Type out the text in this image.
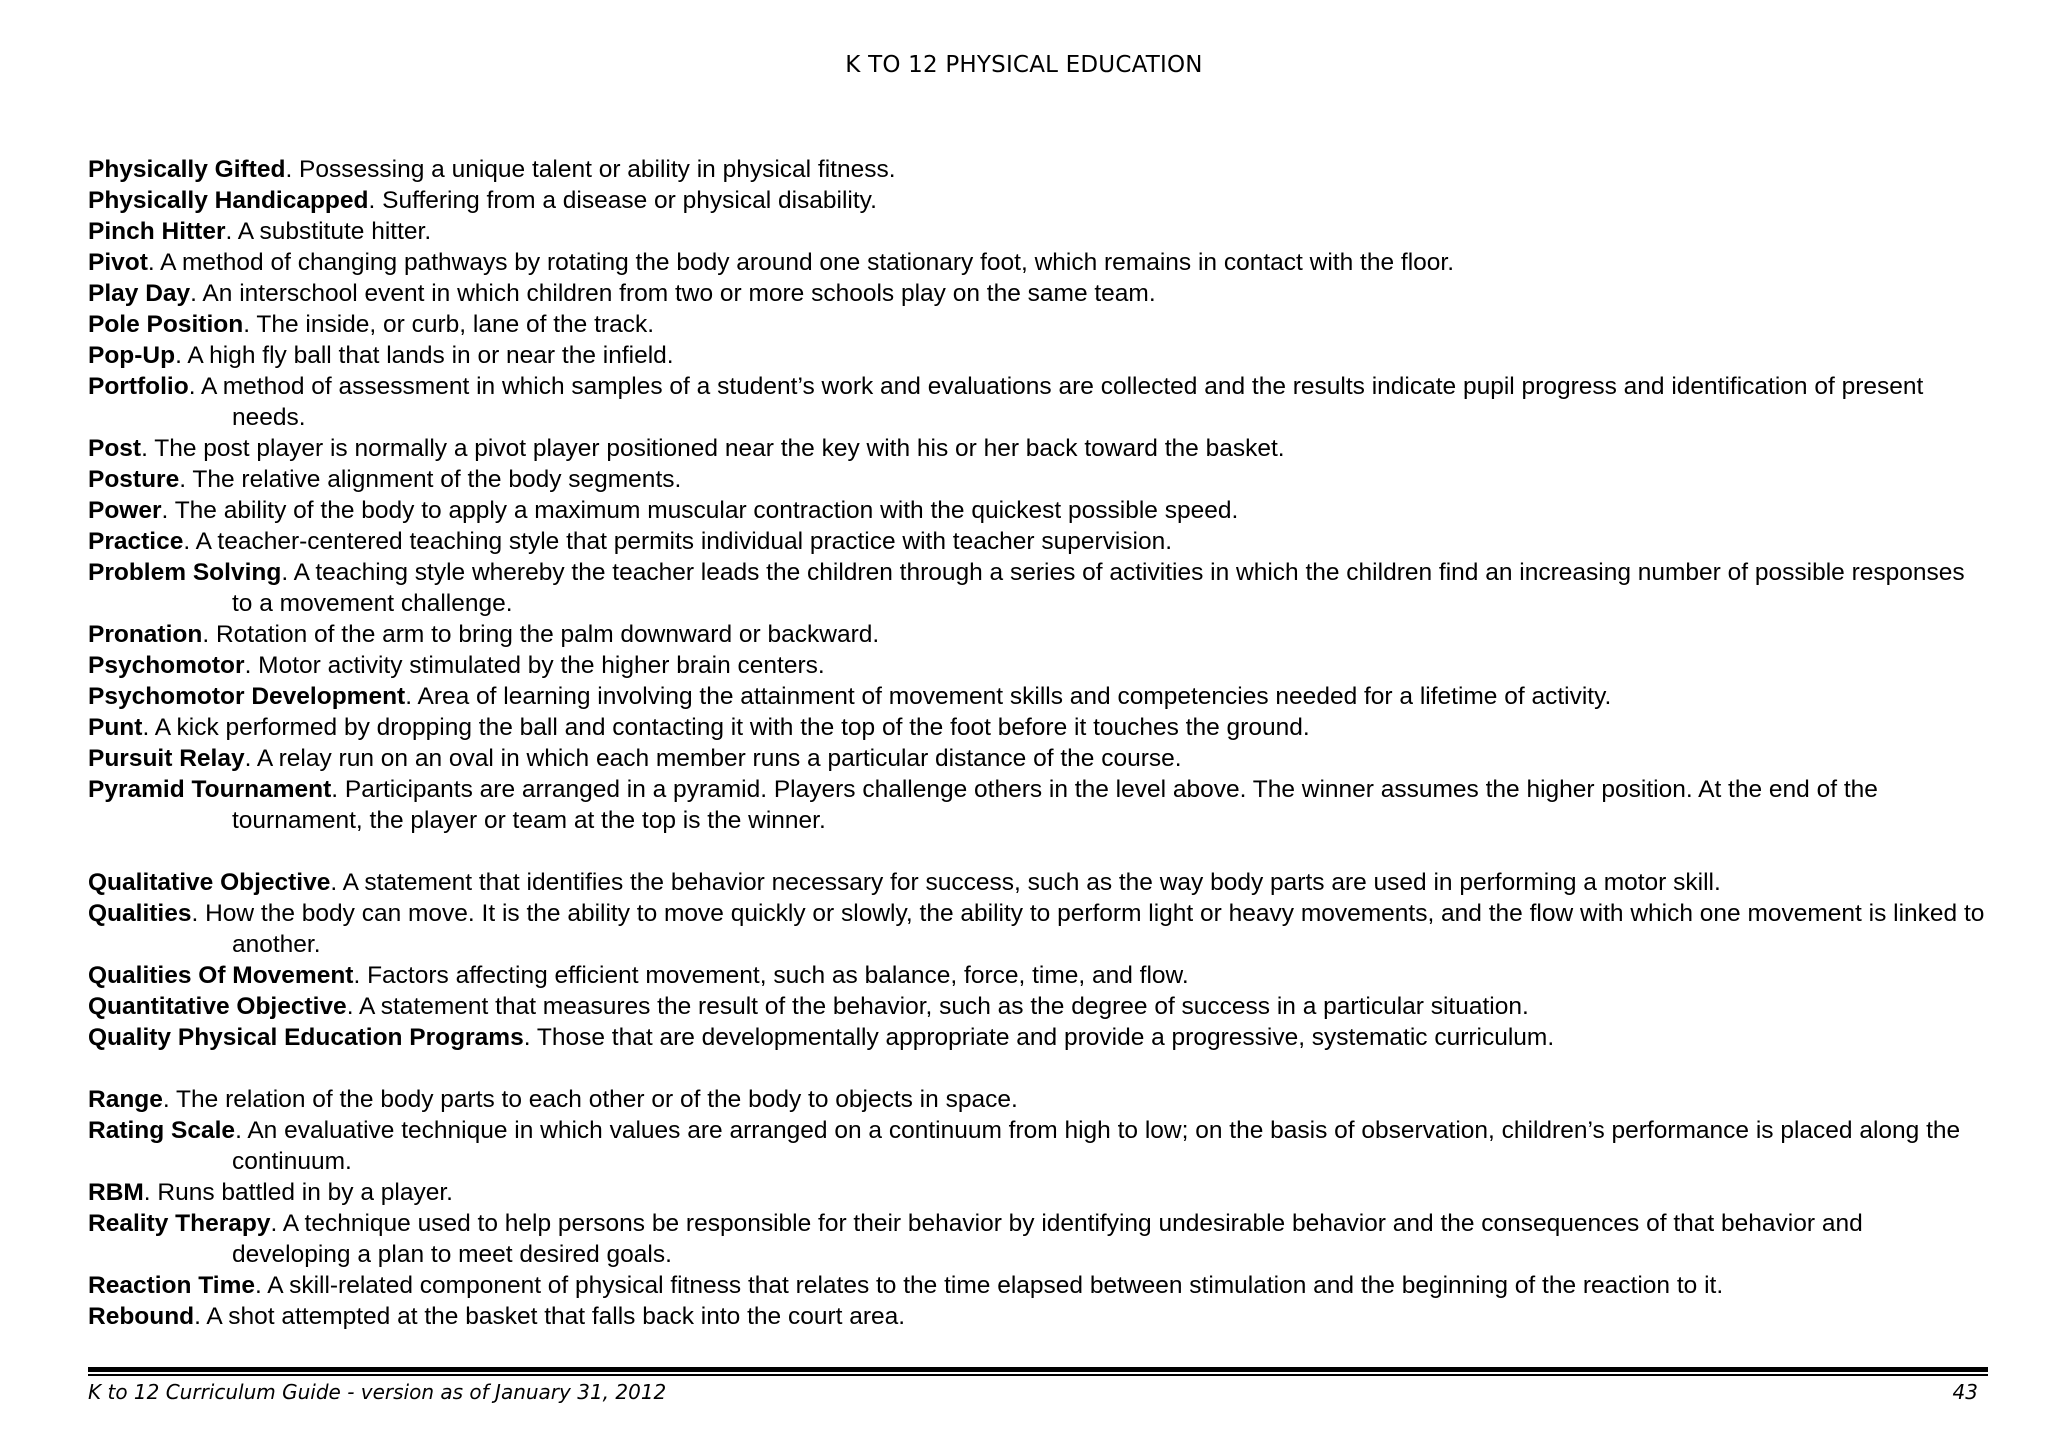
K TO 12 PHYSICAL EDUCATION
Physically Gifted. Possessing a unique talent or ability in physical fitness.
Physically Handicapped. Suffering from a disease or physical disability.
Pinch Hitter. A substitute hitter.
Pivot. A method of changing pathways by rotating the body around one stationary foot, which remains in contact with the floor.
Play Day. An interschool event in which children from two or more schools play on the same team.
Pole Position. The inside, or curb, lane of the track.
Pop-Up. A high fly ball that lands in or near the infield.
Portfolio. A method of assessment in which samples of a student’s work and evaluations are collected and the results indicate pupil progress and identification of present needs.
Post. The post player is normally a pivot player positioned near the key with his or her back toward the basket.
Posture. The relative alignment of the body segments.
Power. The ability of the body to apply a maximum muscular contraction with the quickest possible speed.
Practice. A teacher-centered teaching style that permits individual practice with teacher supervision.
Problem Solving. A teaching style whereby the teacher leads the children through a series of activities in which the children find an increasing number of possible responses to a movement challenge.
Pronation. Rotation of the arm to bring the palm downward or backward.
Psychomotor. Motor activity stimulated by the higher brain centers.
Psychomotor Development. Area of learning involving the attainment of movement skills and competencies needed for a lifetime of activity.
Punt. A kick performed by dropping the ball and contacting it with the top of the foot before it touches the ground.
Pursuit Relay. A relay run on an oval in which each member runs a particular distance of the course.
Pyramid Tournament. Participants are arranged in a pyramid. Players challenge others in the level above. The winner assumes the higher position. At the end of the tournament, the player or team at the top is the winner.
Qualitative Objective. A statement that identifies the behavior necessary for success, such as the way body parts are used in performing a motor skill.
Qualities. How the body can move. It is the ability to move quickly or slowly, the ability to perform light or heavy movements, and the flow with which one movement is linked to another.
Qualities Of Movement. Factors affecting efficient movement, such as balance, force, time, and flow.
Quantitative Objective. A statement that measures the result of the behavior, such as the degree of success in a particular situation.
Quality Physical Education Programs. Those that are developmentally appropriate and provide a progressive, systematic curriculum.
Range. The relation of the body parts to each other or of the body to objects in space.
Rating Scale. An evaluative technique in which values are arranged on a continuum from high to low; on the basis of observation, children’s performance is placed along the continuum.
RBM. Runs battled in by a player.
Reality Therapy. A technique used to help persons be responsible for their behavior by identifying undesirable behavior and the consequences of that behavior and developing a plan to meet desired goals.
Reaction Time. A skill-related component of physical fitness that relates to the time elapsed between stimulation and the beginning of the reaction to it.
Rebound. A shot attempted at the basket that falls back into the court area.
K to 12 Curriculum Guide - version as of January 31, 2012	43
